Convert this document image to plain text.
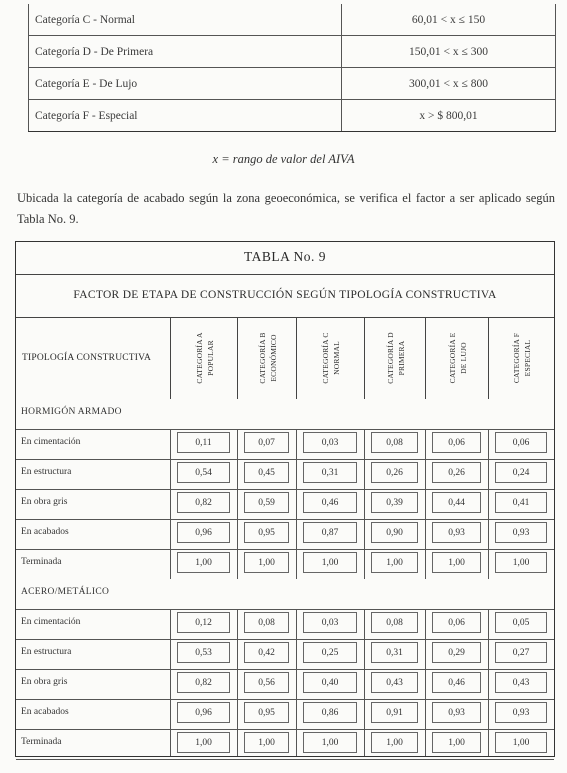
Categoría C - Normal	60,01 < x ≤ 150
Categoría D - De Primera	150,01 < x ≤ 300
Categoría E - De Lujo	300,01 < x ≤ 800
Categoría F - Especial	x > $ 800,01
x = rango de valor del AIVA
Ubicada la categoría de acabado según la zona geoeconómica, se verifica el factor a ser aplicado según Tabla No. 9.
TABLA No. 9
FACTOR DE ETAPA DE CONSTRUCCIÓN SEGÚN TIPOLOGÍA CONSTRUCTIVA
TIPOLOGÍA CONSTRUCTIVA	CATEGORÍA A POPULAR	CATEGORÍA B ECONÓMICO	CATEGORÍA C NORMAL	CATEGORÍA D PRIMERA	CATEGORÍA E DE LUJO	CATEGORÍA F ESPECIAL
HORMIGÓN ARMADO
En cimentación	0,11	0,07	0,03	0,08	0,06	0,06
En estructura	0,54	0,45	0,31	0,26	0,26	0,24
En obra gris	0,82	0,59	0,46	0,39	0,44	0,41
En acabados	0,96	0,95	0,87	0,90	0,93	0,93
Terminada	1,00	1,00	1,00	1,00	1,00	1,00
ACERO/METÁLICO
En cimentación	0,12	0,08	0,03	0,08	0,06	0,05
En estructura	0,53	0,42	0,25	0,31	0,29	0,27
En obra gris	0,82	0,56	0,40	0,43	0,46	0,43
En acabados	0,96	0,95	0,86	0,91	0,93	0,93
Terminada	1,00	1,00	1,00	1,00	1,00	1,00
